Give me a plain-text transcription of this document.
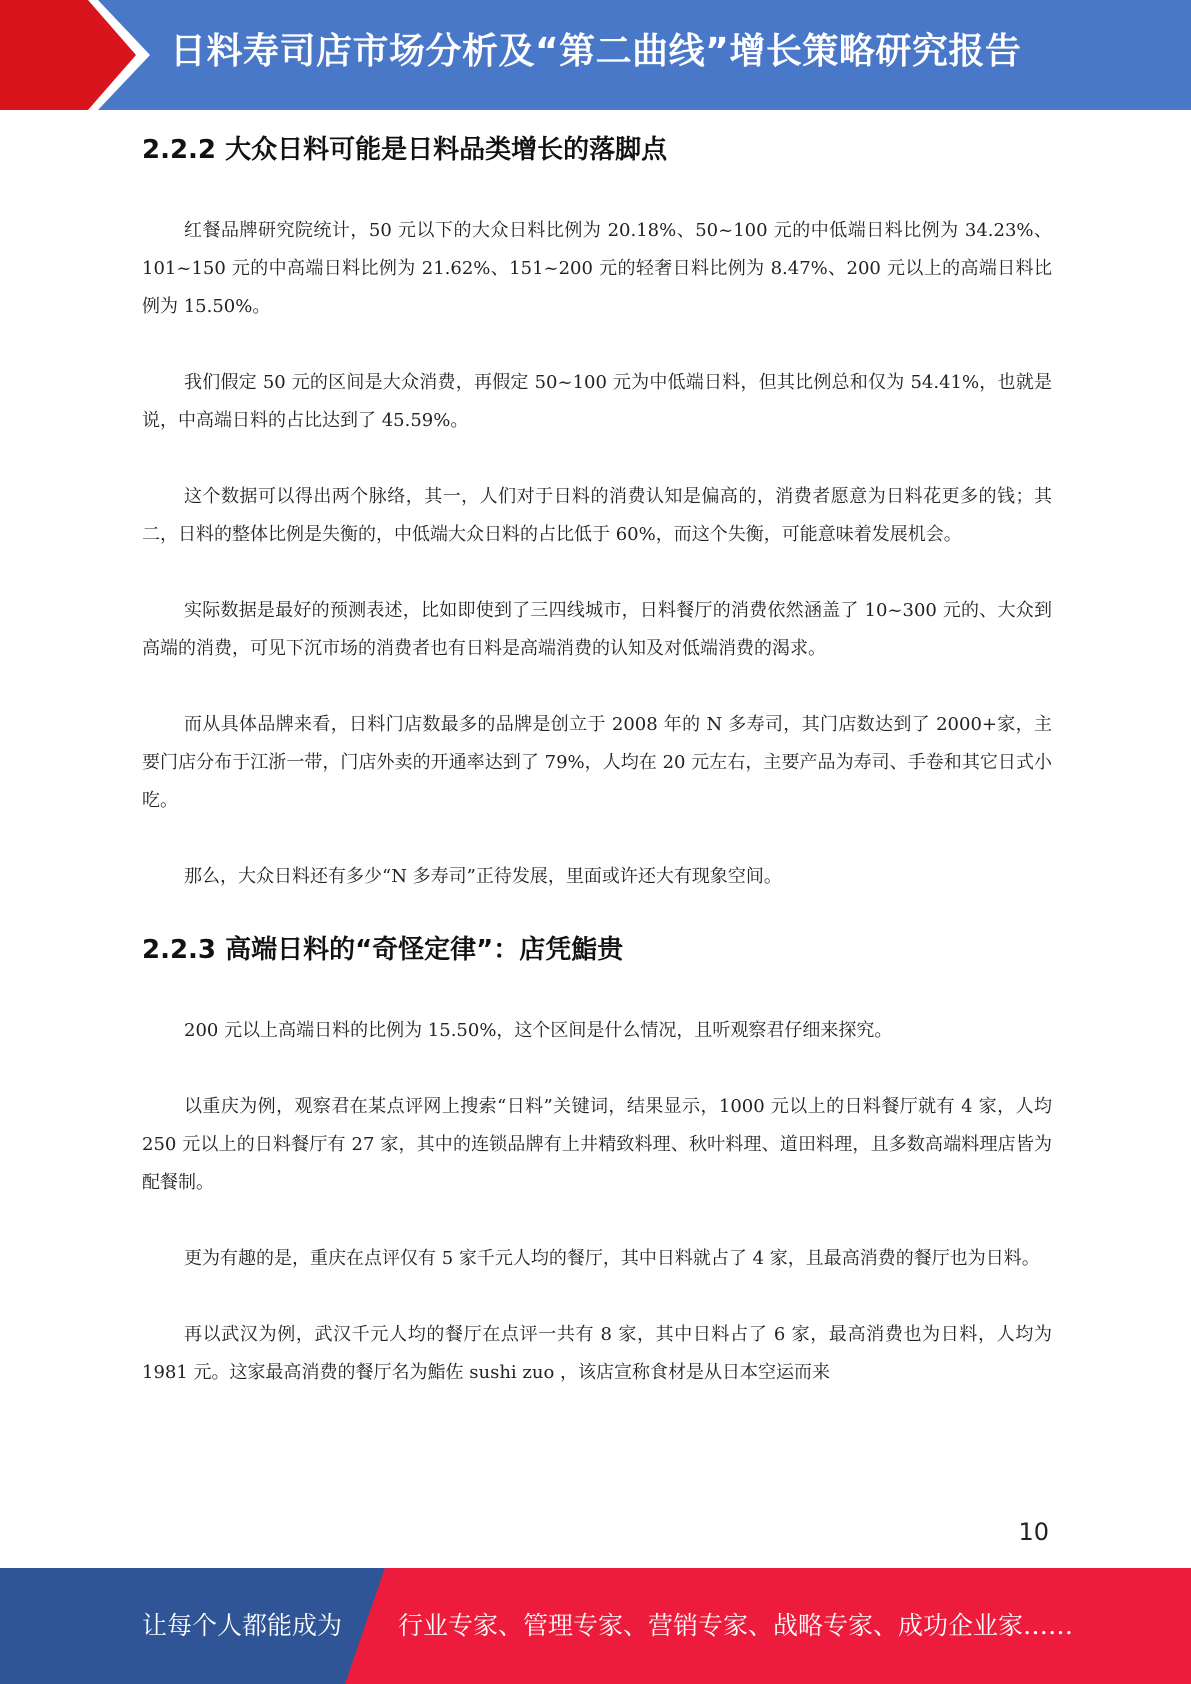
日料寿司店市场分析及“第二曲线”增长策略研究报告
2.2.2 大众日料可能是日料品类增长的落脚点

红餐品牌研究院统计，50 元以下的大众日料比例为 20.18%、50~100 元的中低端日料比例为 34.23%、101~150 元的中高端日料比例为 21.62%、151~200 元的轻奢日料比例为 8.47%、200 元以上的高端日料比例为 15.50%。

我们假定 50 元的区间是大众消费，再假定 50~100 元为中低端日料，但其比例总和仅为 54.41%，也就是说，中高端日料的占比达到了 45.59%。

这个数据可以得出两个脉络，其一，人们对于日料的消费认知是偏高的，消费者愿意为日料花更多的钱；其二，日料的整体比例是失衡的，中低端大众日料的占比低于 60%，而这个失衡，可能意味着发展机会。

实际数据是最好的预测表述，比如即使到了三四线城市，日料餐厅的消费依然涵盖了 10~300 元的、大众到高端的消费，可见下沉市场的消费者也有日料是高端消费的认知及对低端消费的渴求。

而从具体品牌来看，日料门店数最多的品牌是创立于 2008 年的 N 多寿司，其门店数达到了 2000+家，主要门店分布于江浙一带，门店外卖的开通率达到了 79%，人均在 20 元左右，主要产品为寿司、手卷和其它日式小吃。

那么，大众日料还有多少“N 多寿司”正待发展，里面或许还大有现象空间。

2.2.3 高端日料的“奇怪定律”：店凭鮨贵

200 元以上高端日料的比例为 15.50%，这个区间是什么情况，且听观察君仔细来探究。

以重庆为例，观察君在某点评网上搜索“日料”关键词，结果显示，1000 元以上的日料餐厅就有 4 家，人均 250 元以上的日料餐厅有 27 家，其中的连锁品牌有上井精致料理、秋叶料理、道田料理，且多数高端料理店皆为配餐制。

更为有趣的是，重庆在点评仅有 5 家千元人均的餐厅，其中日料就占了 4 家，且最高消费的餐厅也为日料。

再以武汉为例，武汉千元人均的餐厅在点评一共有 8 家，其中日料占了 6 家，最高消费也为日料，人均为 1981 元。这家最高消费的餐厅名为鮨佐 sushi zuo ，该店宣称食材是从日本空运而来

10
让每个人都能成为 行业专家、管理专家、营销专家、战略专家、成功企业家……
